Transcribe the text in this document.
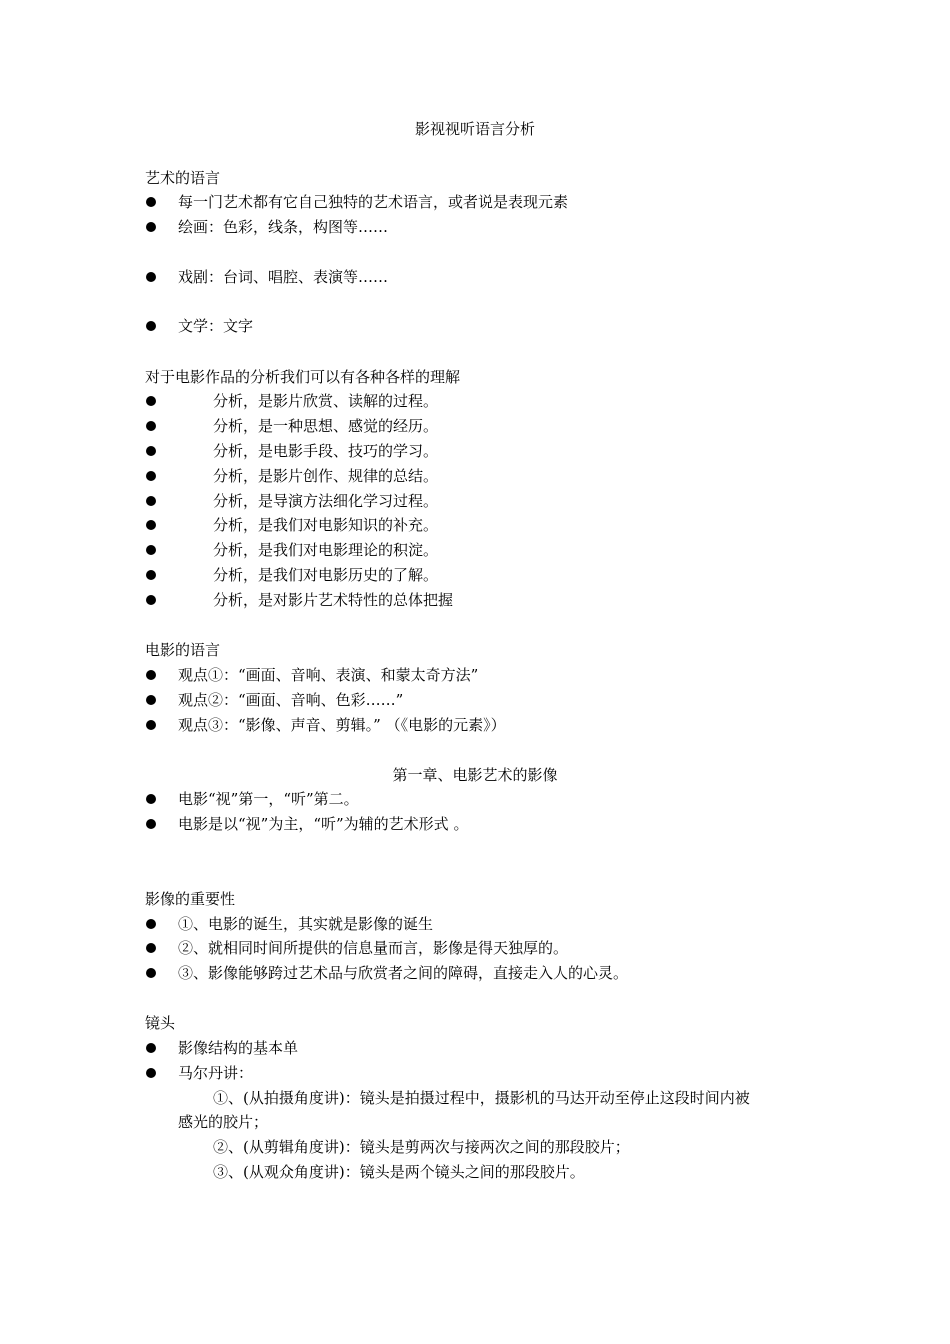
影视视听语言分析
艺术的语言
每一门艺术都有它自己独特的艺术语言，或者说是表现元素
绘画：色彩，线条，构图等……
戏剧：台词、唱腔、表演等……
文学：文字
对于电影作品的分析我们可以有各种各样的理解
分析，是影片欣赏、读解的过程。
分析，是一种思想、感觉的经历。
分析，是电影手段、技巧的学习。
分析，是影片创作、规律的总结。
分析，是导演方法细化学习过程。
分析，是我们对电影知识的补充。
分析，是我们对电影理论的积淀。
分析，是我们对电影历史的了解。
分析，是对影片艺术特性的总体把握
电影的语言
观点①：“画面、音响、表演、和蒙太奇方法”
观点②：“画面、音响、色彩……”
观点③：“影像、声音、剪辑。” （《电影的元素》）
第一章、电影艺术的影像
电影“视”第一，“听”第二。
电影是以“视”为主，“听”为辅的艺术形式 。
影像的重要性
①、电影的诞生，其实就是影像的诞生
②、就相同时间所提供的信息量而言，影像是得天独厚的。
③、影像能够跨过艺术品与欣赏者之间的障碍，直接走入人的心灵。
镜头
影像结构的基本单
马尔丹讲：
①、(从拍摄角度讲)：镜头是拍摄过程中，摄影机的马达开动至停止这段时间内被
感光的胶片；
②、(从剪辑角度讲)：镜头是剪两次与接两次之间的那段胶片；
③、(从观众角度讲)：镜头是两个镜头之间的那段胶片。
